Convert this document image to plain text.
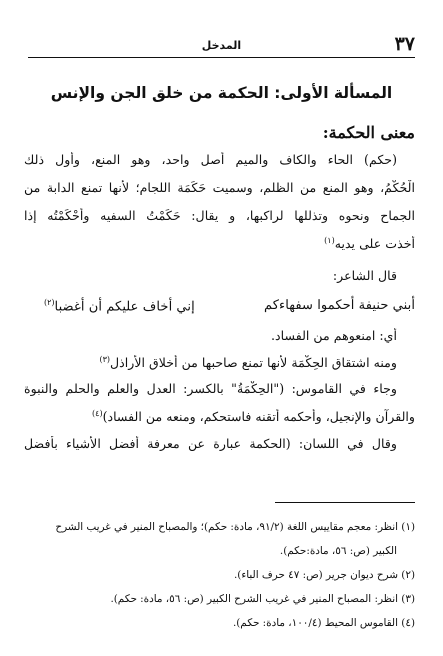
٣٧
المدخل
المسألة الأولى: الحكمة من خلق الجن والإنس
معنى الحكمة:
(حكم) الحاء والكاف والميم أصل واحد، وهو المنع، وأول ذلك
الْحُكْمُ، وهو المنع من الظلم، وسميت حَكَمَة اللجام؛ لأنها تمنع الدابة من
الجماح ونحوه وتذللها لراكبها، و يقال: حَكَمْتُ السفيه وأحْكَمْتُه إذا
أخذت على يديه$^{(١)}$
قال الشاعر:
أبني حنيفة أحكموا سفهاءكم
إني أخاف عليكم أن أغضبا$^{(٢)}$
أي: امنعوهم من الفساد.
ومنه اشتقاق الحِكْمَة لأنها تمنع صاحبها من أخلاق الأراذل$^{(٣)}$
وجاء في القاموس: ("الحِكْمَةُ" بالكسر: العدل والعلم والحلم والنبوة
والقرآن والإنجيل، وأحكمه أتقنه فاستحكم، ومنعه من الفساد)$^{(٤)}$
وقال في اللسان: (الحكمة عبارة عن معرفة أفضل الأشياء بأفضل
(١) انظر: معجم مقاييس اللغة (٩١/٢، مادة: حكم)؛ والمصباح المنير في غريب الشرح
الكبير (ص: ٥٦، مادة:حكم).
(٢) شرح ديوان جرير (ص: ٤٧ حرف الباء).
(٣) انظر: المصباح المنير في غريب الشرح الكبير (ص: ٥٦، مادة: حكم).
(٤) القاموس المحيط (١٠٠/٤، مادة: حكم).
